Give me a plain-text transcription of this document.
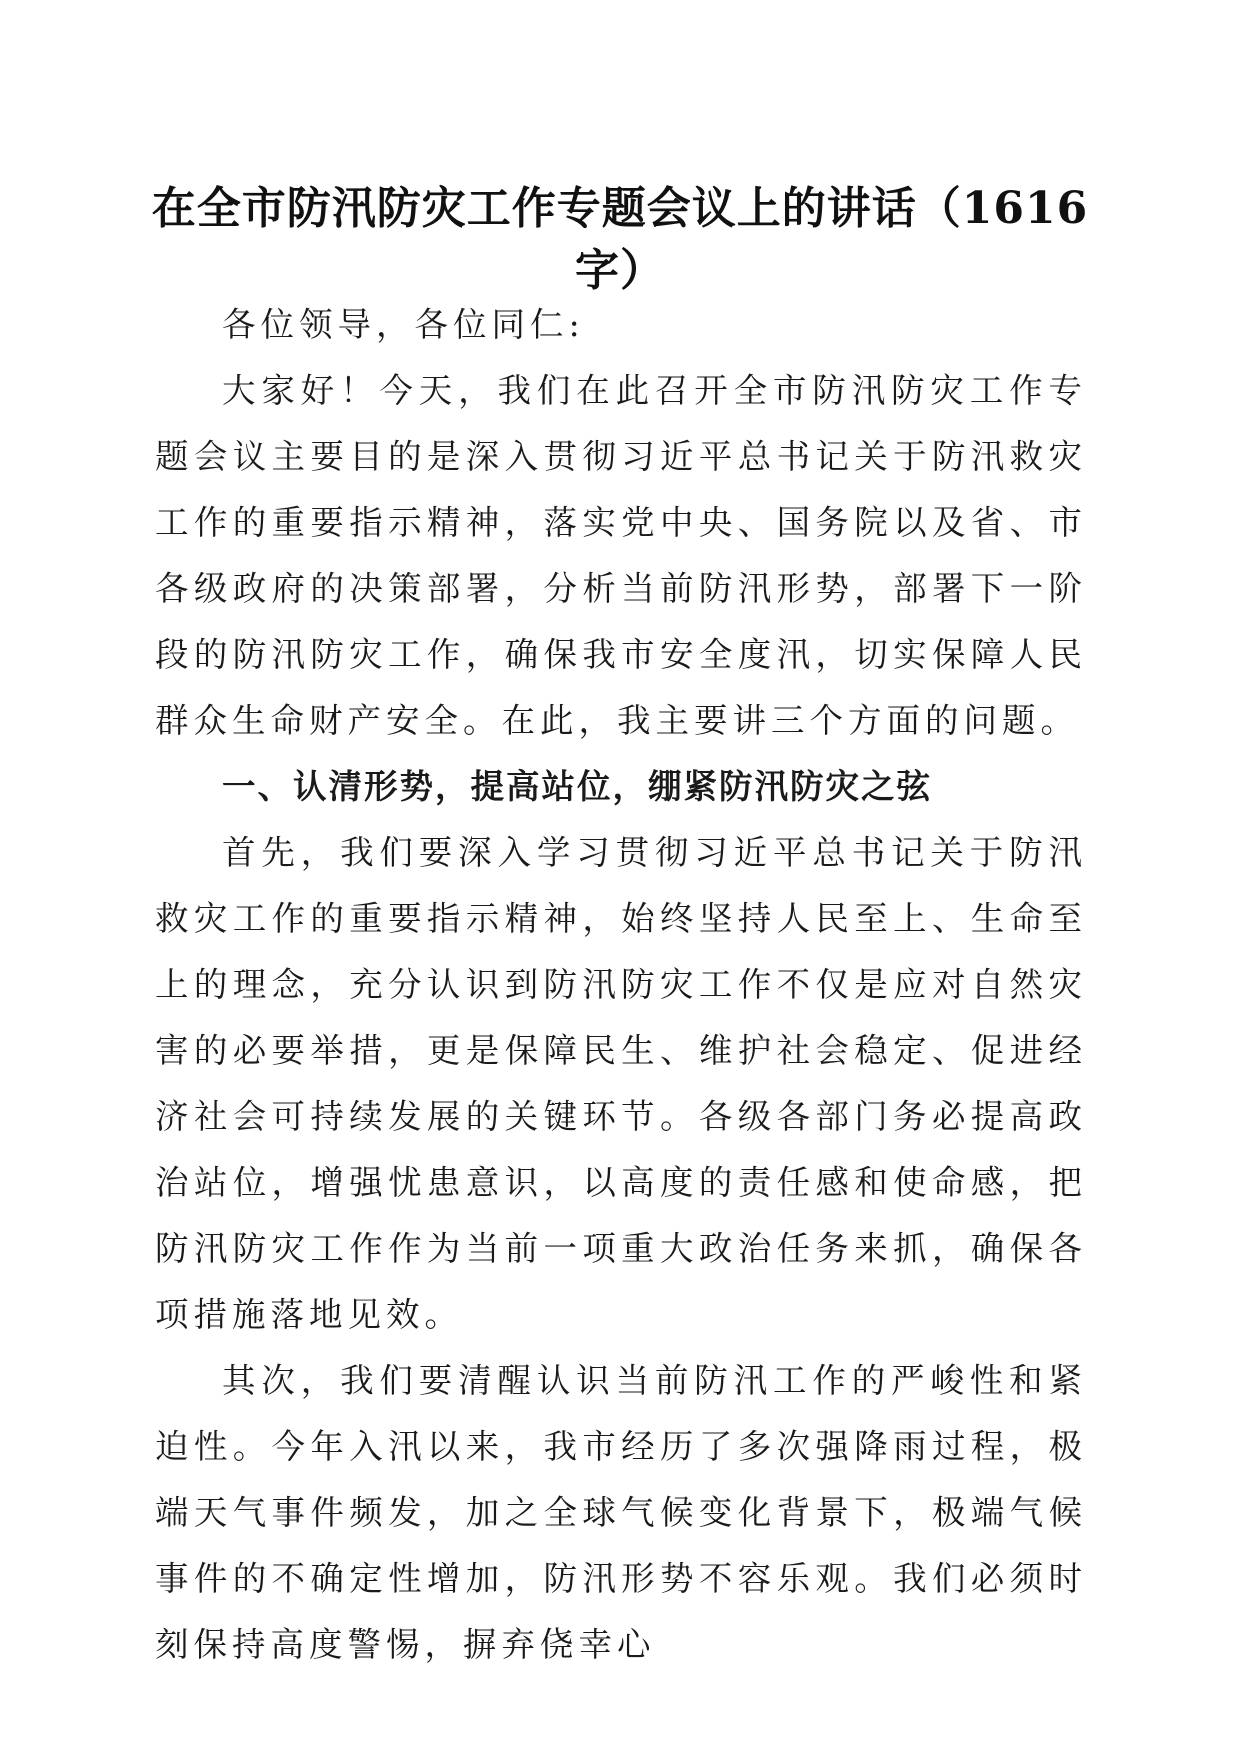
在全市防汛防灾工作专题会议上的讲话（1616字）

各位领导，各位同仁:

大家好！今天，我们在此召开全市防汛防灾工作专题会议主要目的是深入贯彻习近平总书记关于防汛救灾工作的重要指示精神，落实党中央、国务院以及省、市各级政府的决策部署，分析当前防汛形势，部署下一阶段的防汛防灾工作，确保我市安全度汛，切实保障人民群众生命财产安全。在此，我主要讲三个方面的问题。

一、认清形势，提高站位，绷紧防汛防灾之弦

首先，我们要深入学习贯彻习近平总书记关于防汛救灾工作的重要指示精神，始终坚持人民至上、生命至上的理念，充分认识到防汛防灾工作不仅是应对自然灾害的必要举措，更是保障民生、维护社会稳定、促进经济社会可持续发展的关键环节。各级各部门务必提高政治站位，增强忧患意识，以高度的责任感和使命感，把防汛防灾工作作为当前一项重大政治任务来抓，确保各项措施落地见效。

其次，我们要清醒认识当前防汛工作的严峻性和紧迫性。今年入汛以来，我市经历了多次强降雨过程，极端天气事件频发，加之全球气候变化背景下，极端气候事件的不确定性增加，防汛形势不容乐观。我们必须时刻保持高度警惕，摒弃侥幸心
